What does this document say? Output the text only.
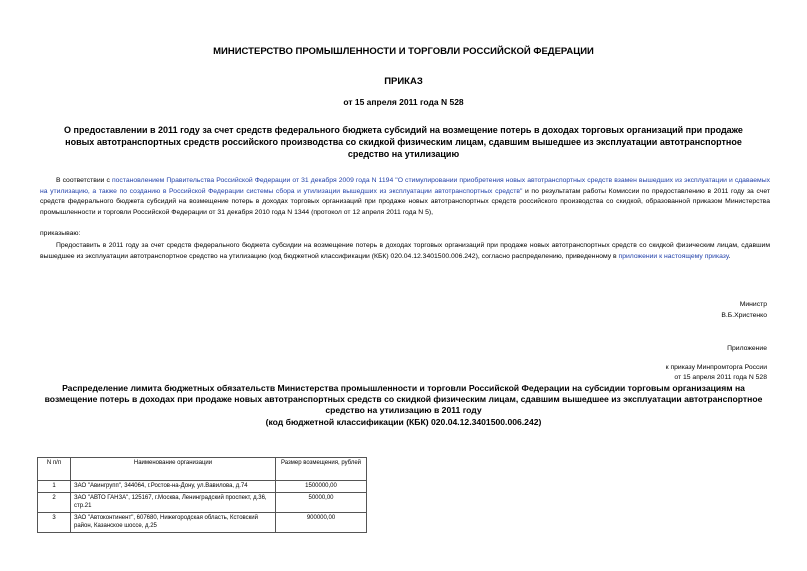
МИНИСТЕРСТВО ПРОМЫШЛЕННОСТИ И ТОРГОВЛИ РОССИЙСКОЙ ФЕДЕРАЦИИ
ПРИКАЗ
от 15 апреля 2011 года N 528
О предоставлении в 2011 году за счет средств федерального бюджета субсидий на возмещение потерь в доходах торговых организаций при продаже новых автотранспортных средств российского производства со скидкой физическим лицам, сдавшим вышедшее из эксплуатации автотранспортное средство на утилизацию
В соответствии с постановлением Правительства Российской Федерации от 31 декабря 2009 года N 1194 "О стимулировании приобретения новых автотранспортных средств взамен вышедших из эксплуатации и сдаваемых на утилизацию, а также по созданию в Российской Федерации системы сбора и утилизации вышедших из эксплуатации автотранспортных средств" и по результатам работы Комиссии по предоставлению в 2011 году за счет средств федерального бюджета субсидий на возмещение потерь в доходах торговых организаций при продаже новых автотранспортных средств российского производства со скидкой, образованной приказом Министерства промышленности и торговли Российской Федерации от 31 декабря 2010 года N 1344 (протокол от 12 апреля 2011 года N 5),
приказываю:
Предоставить в 2011 году за счет средств федерального бюджета субсидии на возмещение потерь в доходах торговых организаций при продаже новых автотранспортных средств со скидкой физическим лицам, сдавшим вышедшее из эксплуатации автотранспортное средство на утилизацию (код бюджетной классификации (КБК) 020.04.12.3401500.006.242), согласно распределению, приведенному в приложении к настоящему приказу.
Министр
В.Б.Христенко
Приложение
к приказу Минпромторга России
от 15 апреля 2011 года N 528
Распределение лимита бюджетных обязательств Министерства промышленности и торговли Российской Федерации на субсидии торговым организациям на возмещение потерь в доходах при продаже новых автотранспортных средств со скидкой физическим лицам, сдавшим вышедшее из эксплуатации автотранспортное средство на утилизацию в 2011 году
(код бюджетной классификации (КБК) 020.04.12.3401500.006.242)
N п/п	Наименование организации	Размер возмещения, рублей
1	ЗАО "Авингрупп", 344064, г.Ростов-на-Дону, ул.Вавилова, д.74	1500000,00
2	ЗАО "АВТО ГАНЗА", 125167, г.Москва, Ленинградский проспект, д.36, стр.21	50000,00
3	ЗАО "Автоконтинент", 607680, Нижегородская область, Кстовский район, Казанское шоссе, д.25	900000,00
